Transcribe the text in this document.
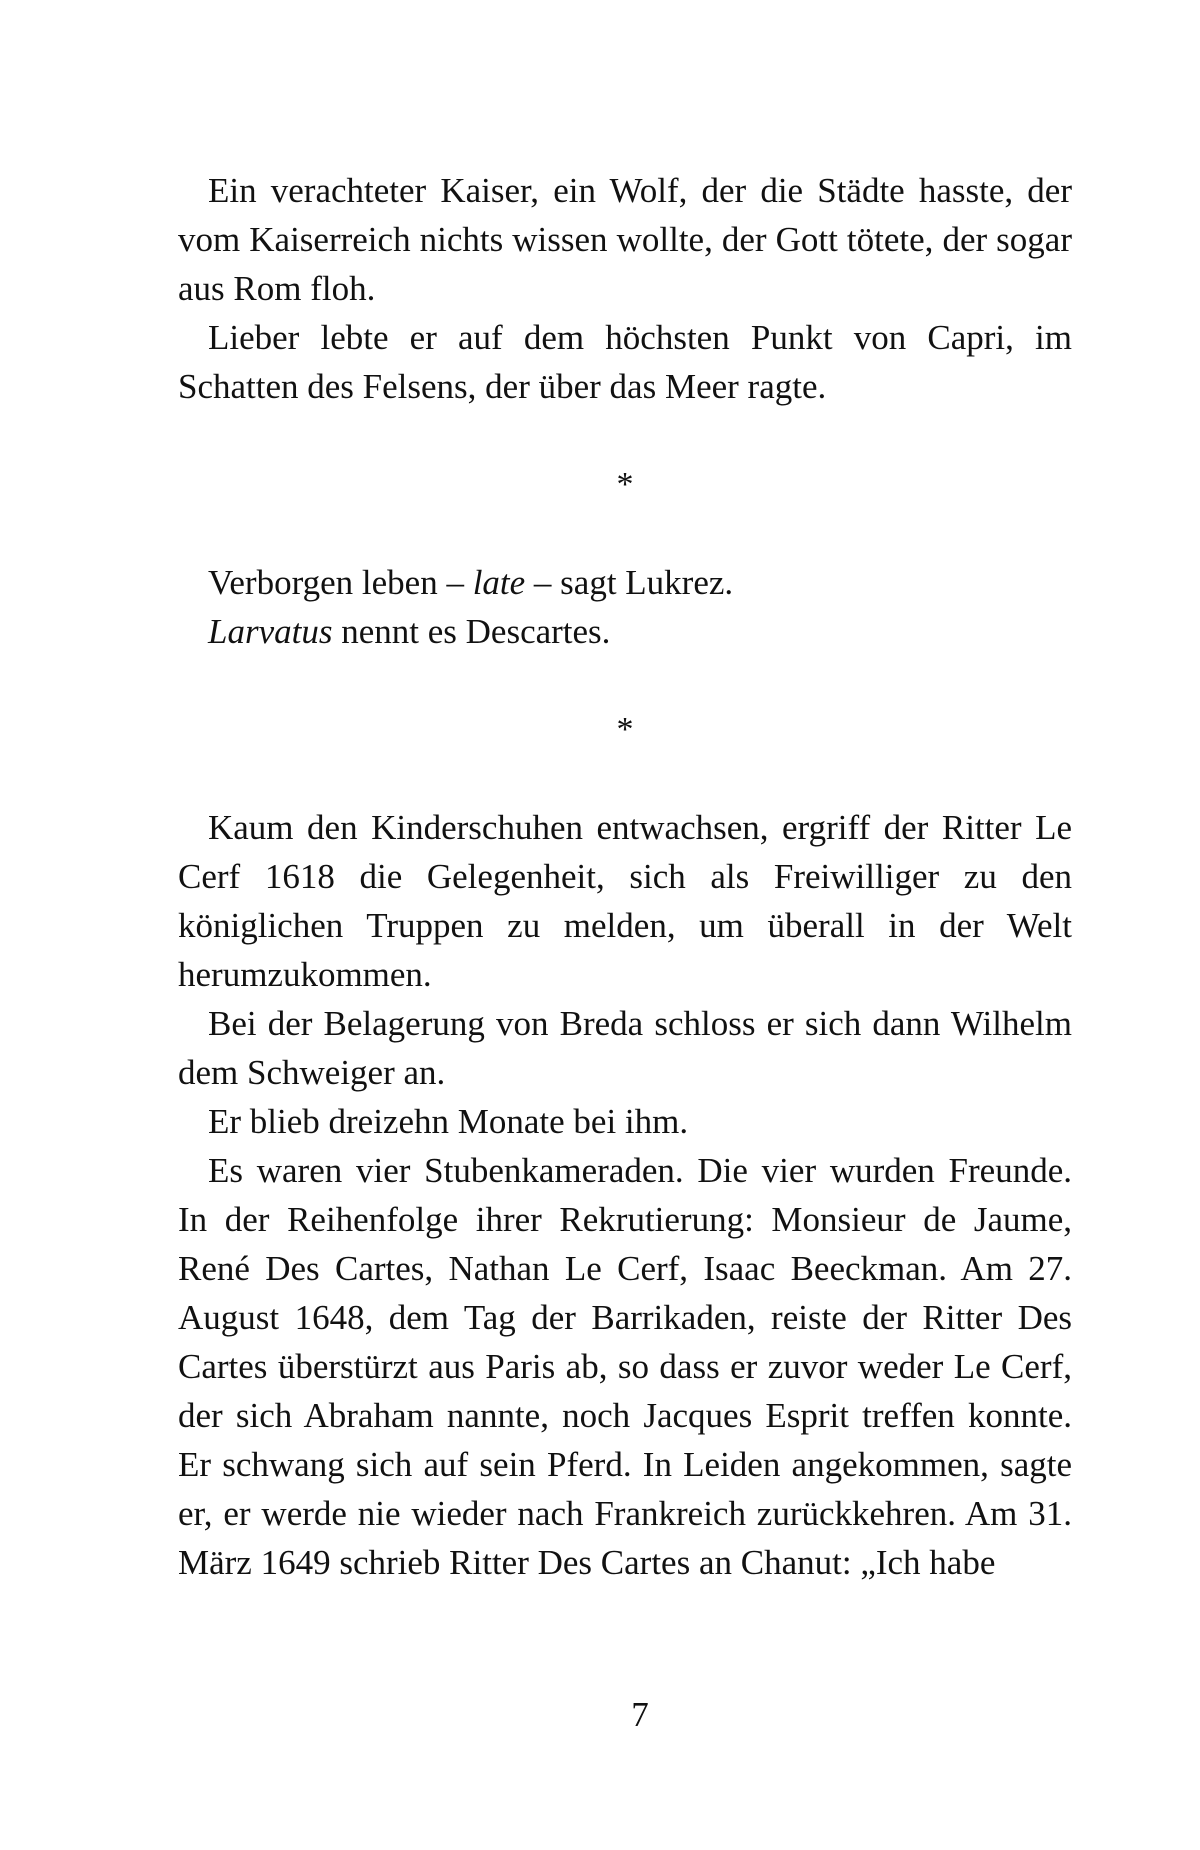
Ein verachteter Kaiser, ein Wolf, der die Städte hasste, der vom Kaiserreich nichts wissen wollte, der Gott tötete, der sogar aus Rom floh.

Lieber lebte er auf dem höchsten Punkt von Capri, im Schatten des Felsens, der über das Meer ragte.

*

Verborgen leben – late – sagt Lukrez.

Larvatus nennt es Descartes.

*

Kaum den Kinderschuhen entwachsen, ergriff der Ritter Le Cerf 1618 die Gelegenheit, sich als Freiwilliger zu den königlichen Truppen zu melden, um überall in der Welt herumzukommen.

Bei der Belagerung von Breda schloss er sich dann Wilhelm dem Schweiger an.

Er blieb dreizehn Monate bei ihm.

Es waren vier Stubenkameraden. Die vier wurden Freunde. In der Reihenfolge ihrer Rekrutierung: Monsieur de Jaume, René Des Cartes, Nathan Le Cerf, Isaac Beeckman. Am 27. August 1648, dem Tag der Barrikaden, reiste der Ritter Des Cartes überstürzt aus Paris ab, so dass er zuvor weder Le Cerf, der sich Abraham nannte, noch Jacques Esprit treffen konnte. Er schwang sich auf sein Pferd. In Leiden angekommen, sagte er, er werde nie wieder nach Frankreich zurückkehren. Am 31. März 1649 schrieb Ritter Des Cartes an Chanut: „Ich habe

7
